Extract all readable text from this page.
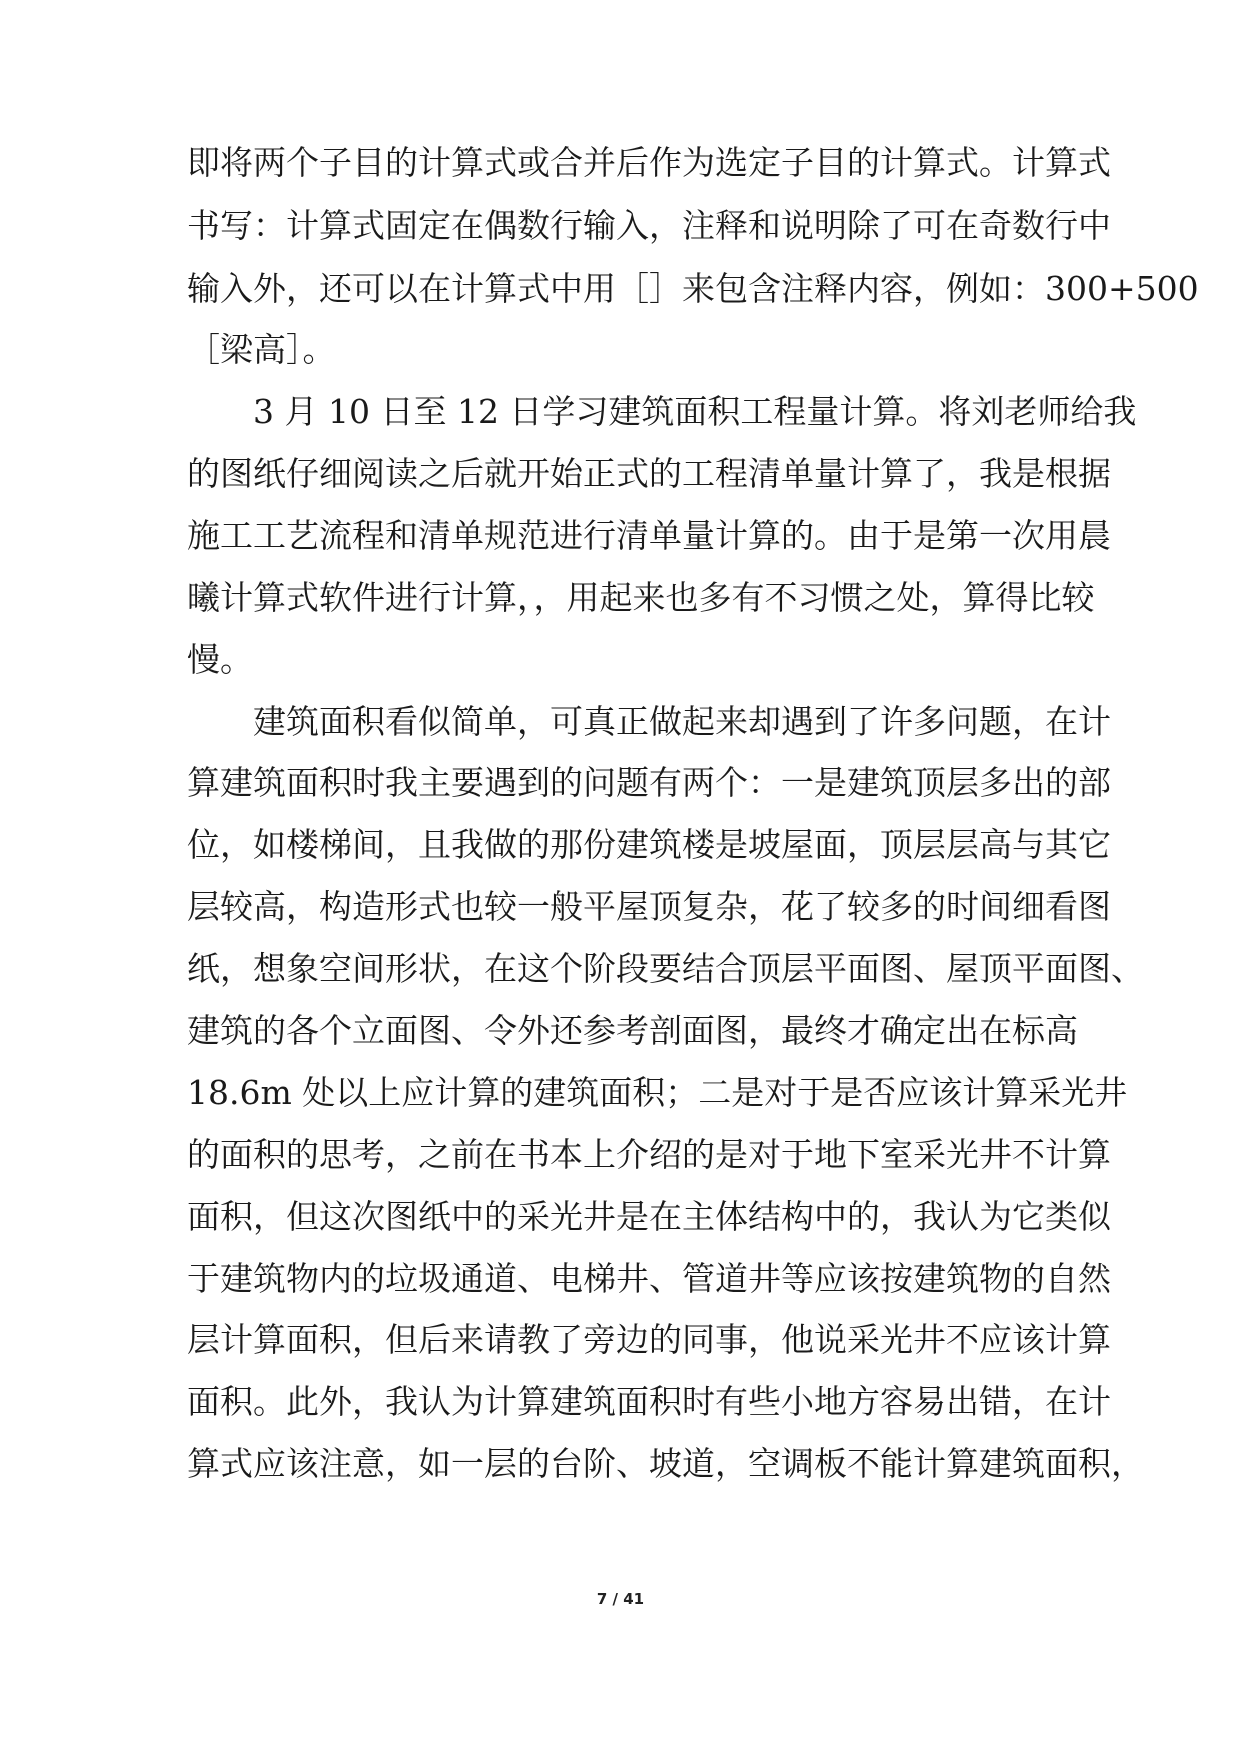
即将两个子目的计算式或合并后作为选定子目的计算式。计算式
书写：计算式固定在偶数行输入，注释和说明除了可在奇数行中
输入外，还可以在计算式中用［］来包含注释内容，例如：300+500
［梁高］。
3 月 10 日至 12 日学习建筑面积工程量计算。将刘老师给我
的图纸仔细阅读之后就开始正式的工程清单量计算了，我是根据
施工工艺流程和清单规范进行清单量计算的。由于是第一次用晨
曦计算式软件进行计算，，用起来也多有不习惯之处，算得比较
慢。
建筑面积看似简单，可真正做起来却遇到了许多问题，在计
算建筑面积时我主要遇到的问题有两个：一是建筑顶层多出的部
位，如楼梯间，且我做的那份建筑楼是坡屋面，顶层层高与其它
层较高，构造形式也较一般平屋顶复杂，花了较多的时间细看图
纸，想象空间形状，在这个阶段要结合顶层平面图、屋顶平面图、
建筑的各个立面图、令外还参考剖面图，最终才确定出在标高
18.6m 处以上应计算的建筑面积；二是对于是否应该计算采光井
的面积的思考，之前在书本上介绍的是对于地下室采光井不计算
面积，但这次图纸中的采光井是在主体结构中的，我认为它类似
于建筑物内的垃圾通道、电梯井、管道井等应该按建筑物的自然
层计算面积，但后来请教了旁边的同事，他说采光井不应该计算
面积。此外，我认为计算建筑面积时有些小地方容易出错，在计
算式应该注意，如一层的台阶、坡道，空调板不能计算建筑面积，
7 / 41
